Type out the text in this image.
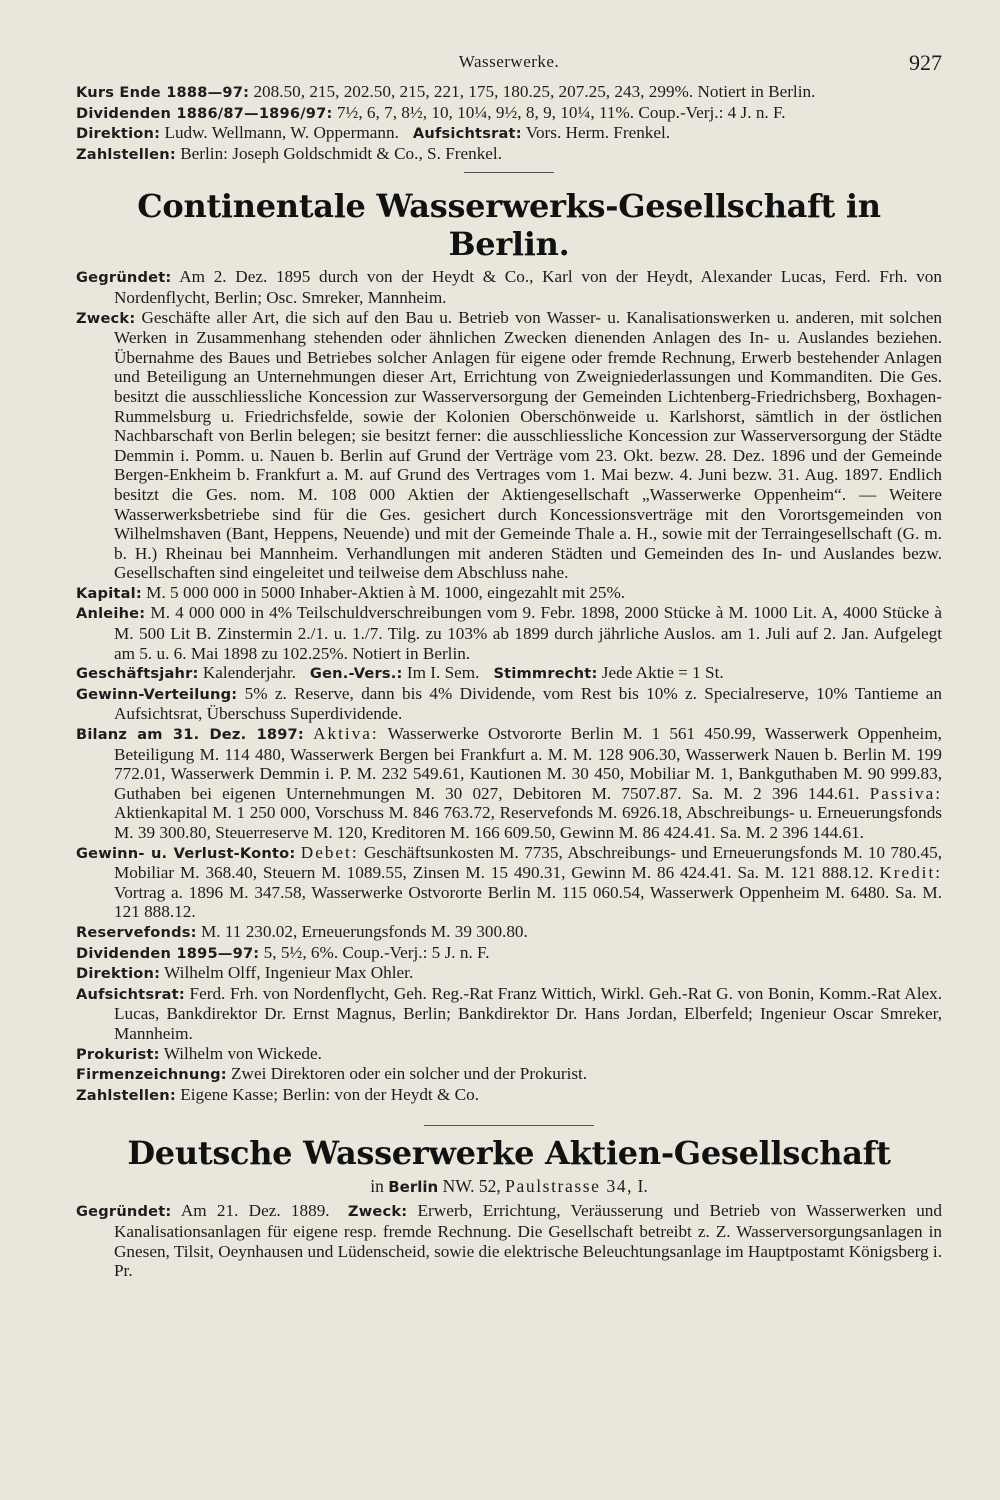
Wasserwerke.	927

Kurs Ende 1888—97: 208.50, 215, 202.50, 215, 221, 175, 180.25, 207.25, 243, 299%. Notiert in Berlin.

Dividenden 1886/87—1896/97: 7½, 6, 7, 8½, 10, 10¼, 9½, 8, 9, 10¼, 11%. Coup.-Verj.: 4 J. n. F.

Direktion: Ludw. Wellmann, W. Oppermann. Aufsichtsrat: Vors. Herm. Frenkel.

Zahlstellen: Berlin: Joseph Goldschmidt & Co., S. Frenkel.

Continentale Wasserwerks-Gesellschaft in Berlin.

Gegründet: Am 2. Dez. 1895 durch von der Heydt & Co., Karl von der Heydt, Alexander Lucas, Ferd. Frh. von Nordenflycht, Berlin; Osc. Smreker, Mannheim.

Zweck: Geschäfte aller Art, die sich auf den Bau u. Betrieb von Wasser- u. Kanalisationswerken u. anderen, mit solchen Werken in Zusammenhang stehenden oder ähnlichen Zwecken dienenden Anlagen des In- u. Auslandes beziehen. Übernahme des Baues und Betriebes solcher Anlagen für eigene oder fremde Rechnung, Erwerb bestehender Anlagen und Beteiligung an Unternehmungen dieser Art, Errichtung von Zweigniederlassungen und Kommanditen. Die Ges. besitzt die ausschliessliche Koncession zur Wasserversorgung der Gemeinden Lichtenberg-Friedrichsberg, Boxhagen-Rummelsburg u. Friedrichsfelde, sowie der Kolonien Oberschönweide u. Karlshorst, sämtlich in der östlichen Nachbarschaft von Berlin belegen; sie besitzt ferner: die ausschliessliche Koncession zur Wasserversorgung der Städte Demmin i. Pomm. u. Nauen b. Berlin auf Grund der Verträge vom 23. Okt. bezw. 28. Dez. 1896 und der Gemeinde Bergen-Enkheim b. Frankfurt a. M. auf Grund des Vertrages vom 1. Mai bezw. 4. Juni bezw. 31. Aug. 1897. Endlich besitzt die Ges. nom. M. 108 000 Aktien der Aktiengesellschaft „Wasserwerke Oppenheim“. — Weitere Wasserwerksbetriebe sind für die Ges. gesichert durch Koncessionsverträge mit den Vorortsgemeinden von Wilhelmshaven (Bant, Heppens, Neuende) und mit der Gemeinde Thale a. H., sowie mit der Terraingesellschaft (G. m. b. H.) Rheinau bei Mannheim. Verhandlungen mit anderen Städten und Gemeinden des In- und Auslandes bezw. Gesellschaften sind eingeleitet und teilweise dem Abschluss nahe.

Kapital: M. 5 000 000 in 5000 Inhaber-Aktien à M. 1000, eingezahlt mit 25%.

Anleihe: M. 4 000 000 in 4% Teilschuldverschreibungen vom 9. Febr. 1898, 2000 Stücke à M. 1000 Lit. A, 4000 Stücke à M. 500 Lit B. Zinstermin 2./1. u. 1./7. Tilg. zu 103% ab 1899 durch jährliche Auslos. am 1. Juli auf 2. Jan. Aufgelegt am 5. u. 6. Mai 1898 zu 102.25%. Notiert in Berlin.

Geschäftsjahr: Kalenderjahr. Gen.-Vers.: Im I. Sem. Stimmrecht: Jede Aktie = 1 St.

Gewinn-Verteilung: 5% z. Reserve, dann bis 4% Dividende, vom Rest bis 10% z. Specialreserve, 10% Tantieme an Aufsichtsrat, Überschuss Superdividende.

Bilanz am 31. Dez. 1897: Aktiva: Wasserwerke Ostvororte Berlin M. 1 561 450.99, Wasserwerk Oppenheim, Beteiligung M. 114 480, Wasserwerk Bergen bei Frankfurt a. M. M. 128 906.30, Wasserwerk Nauen b. Berlin M. 199 772.01, Wasserwerk Demmin i. P. M. 232 549.61, Kautionen M. 30 450, Mobiliar M. 1, Bankguthaben M. 90 999.83, Guthaben bei eigenen Unternehmungen M. 30 027, Debitoren M. 7507.87. Sa. M. 2 396 144.61. Passiva: Aktienkapital M. 1 250 000, Vorschuss M. 846 763.72, Reservefonds M. 6926.18, Abschreibungs- u. Erneuerungsfonds M. 39 300.80, Steuerreserve M. 120, Kreditoren M. 166 609.50, Gewinn M. 86 424.41. Sa. M. 2 396 144.61.

Gewinn- u. Verlust-Konto: Debet: Geschäftsunkosten M. 7735, Abschreibungs- und Erneuerungsfonds M. 10 780.45, Mobiliar M. 368.40, Steuern M. 1089.55, Zinsen M. 15 490.31, Gewinn M. 86 424.41. Sa. M. 121 888.12. Kredit: Vortrag a. 1896 M. 347.58, Wasserwerke Ostvororte Berlin M. 115 060.54, Wasserwerk Oppenheim M. 6480. Sa. M. 121 888.12.

Reservefonds: M. 11 230.02, Erneuerungsfonds M. 39 300.80.

Dividenden 1895—97: 5, 5½, 6%. Coup.-Verj.: 5 J. n. F.

Direktion: Wilhelm Olff, Ingenieur Max Ohler.

Aufsichtsrat: Ferd. Frh. von Nordenflycht, Geh. Reg.-Rat Franz Wittich, Wirkl. Geh.-Rat G. von Bonin, Komm.-Rat Alex. Lucas, Bankdirektor Dr. Ernst Magnus, Berlin; Bankdirektor Dr. Hans Jordan, Elberfeld; Ingenieur Oscar Smreker, Mannheim.

Prokurist: Wilhelm von Wickede.

Firmenzeichnung: Zwei Direktoren oder ein solcher und der Prokurist.

Zahlstellen: Eigene Kasse; Berlin: von der Heydt & Co.

Deutsche Wasserwerke Aktien-Gesellschaft
in Berlin NW. 52, Paulstrasse 34, I.

Gegründet: Am 21. Dez. 1889. Zweck: Erwerb, Errichtung, Veräusserung und Betrieb von Wasserwerken und Kanalisationsanlagen für eigene resp. fremde Rechnung. Die Gesellschaft betreibt z. Z. Wasserversorgungsanlagen in Gnesen, Tilsit, Oeynhausen und Lüdenscheid, sowie die elektrische Beleuchtungsanlage im Hauptpostamt Königsberg i. Pr.
